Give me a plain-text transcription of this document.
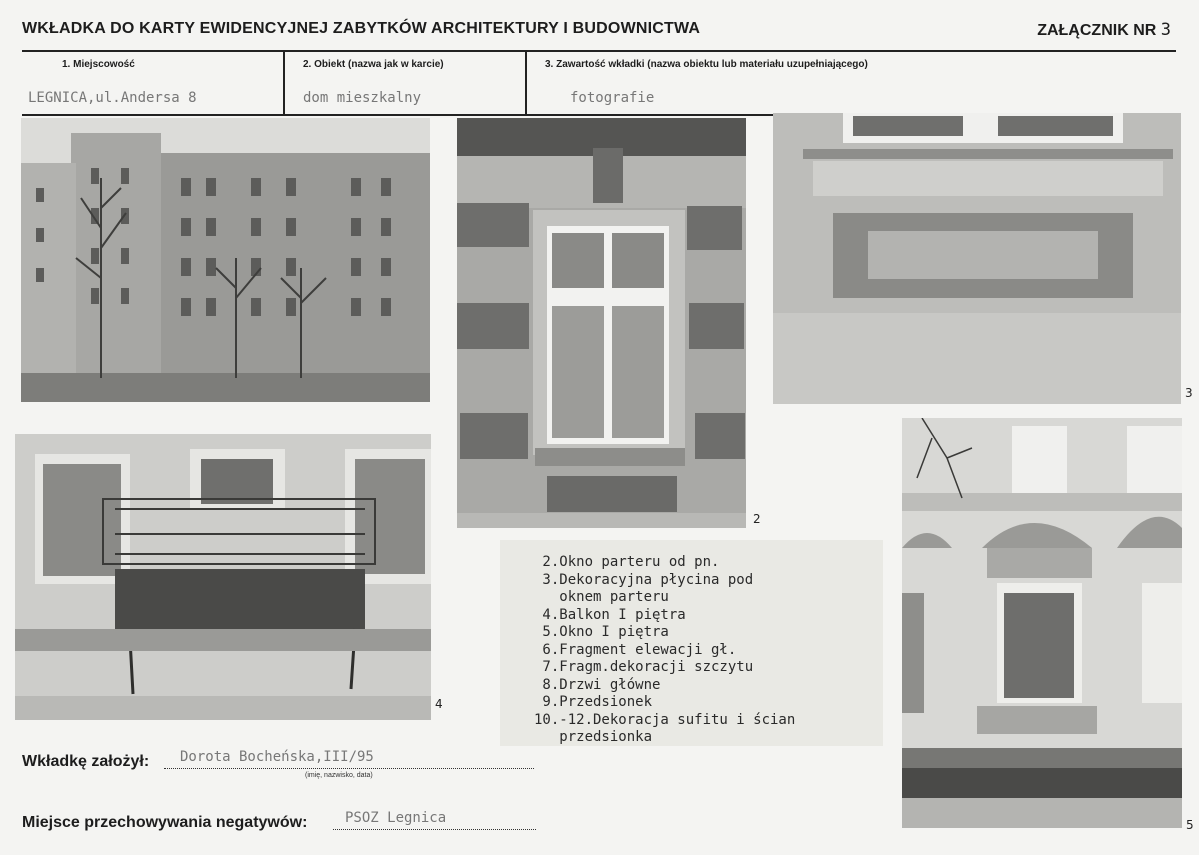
WKŁADKA DO KARTY EWIDENCYJNEJ ZABYTKÓW ARCHITEKTURY I BUDOWNICTWA	ZAŁĄCZNIK NR 3
1. Miejscowość
LEGNICA,ul.Andersa 8
2. Obiekt (nazwa jak w karcie)
dom mieszkalny
3. Zawartość wkładki (nazwa obiektu lub materiału uzupełniającego)
fotografie
2
3
4
5
2.Okno parteru od pn.
3.Dekoracyjna płycina pod
oknem parteru
4.Balkon I piętra
5.Okno I piętra
6.Fragment elewacji gł.
7.Fragm.dekoracji szczytu
8.Drzwi główne
9.Przedsionek
10.-12.Dekoracja sufitu i ścian
przedsionka
Wkładkę założył: Dorota Bocheńska,III/95
(imię, nazwisko, data)
Miejsce przechowywania negatywów:	PSOZ Legnica
